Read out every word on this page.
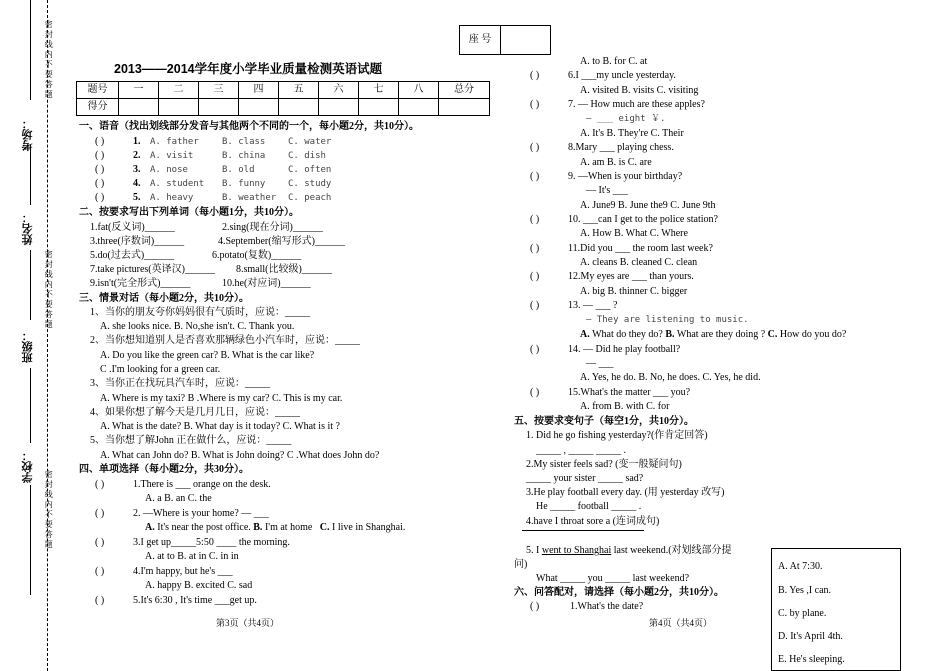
密 封 线 内 不 要 答 题
密 封 线 内 不 要 答 题
密 封 线 内 不 要 答 题
考场：
姓名：
班级：
学校：
座 号
2013——2014学年度小学毕业质量检测英语试题
题号	一	二	三	四	五	六	七	八	总分
得分									
一、语音（找出划线部分发音与其他两个不同的一个，每小题2分，共10分）。
( )	1. A. father	B. class	C. water
( )	2. A. visit	B. china	C. dish
( )	3. A. nose	B. old	C. often
( )	4. A. student B. funny	C. study
( )	5. A. heavy	B. weather C. peach
二、按要求写出下列单词（每小题1分，共10分）。
1.fat(反义词)______	2.sing(现在分词)______
3.three(序数词)______	4.September(缩写形式)______
5.do(过去式)______	6.potato(复数)______
7.take pictures(英译汉)______ 8.small(比较级)______
9.isn't(完全形式)______	10.he(对应词)______
三、情景对话（每小题2分，共10分）。
1、当你的朋友夸你妈妈很有气质时，应说：_____
A. she looks nice. B. No,she isn't. C. Thank you.
2、当你想知道别人是否喜欢那辆绿色小汽车时，应说：_____
A. Do you like the green car? B. What is the car like?
C .I'm looking for a green car.
3、当你正在找玩具汽车时，应说：_____
A. Where is my taxi? B .Where is my car? C. This is my car.
4、如果你想了解今天是几月几日，应说：_____
A. What is the date? B. What day is it today? C. What is it ?
5、当你想了解John 正在做什么，应说：_____
A. What can John do? B. What is John doing? C .What does John do?
四、单项选择（每小题2分，共30分）。
( )	1.There is ___ orange on the desk.
A. a B. an C. the
( )	2. —Where is your home? — ___
A. It's near the post office. B. I'm at home C. I live in Shanghai.
( )	3.I get up_____5:50 ____ the morning.
A. at to B. at in C. in in
( )	4.I'm happy, but he's ___
A. happy B. excited C. sad
( )	5.It's 6:30 , It's time ___get up.
第3页（共4页）
A. to B. for C. at
( )	6.I ___my uncle yesterday.
A. visited B. visits C. visiting
( )	7. — How much are these apples?
— ___ eight ￥.
A. It's B. They're C. Their
( )	8.Mary ___ playing chess.
A. am B. is C. are
( )	9. —When is your birthday?
— It's ___
A. June9 B. June the9 C. June 9th
( )	10. ___can I get to the police station?
A. How B. What C. Where
( )	11.Did you ___ the room last week?
A. cleans B. cleaned C. clean
( )	12.My eyes are ___ than yours.
A. big B. thinner C. bigger
( )	13. — ___ ?
— They are listening to music.
A. What do they do? B. What are they doing ? C. How do you do?
( )	14. — Did he play football?
— ___
A. Yes, he do. B. No, he does. C. Yes, he did.
( )	15.What's the matter ___ you?
A. from B. with C. for
五、按要求变句子（每空1分，共10分）。
1. Did he go fishing yesterday?(作肯定回答)
_____ , _____ _____ .
2.My sister feels sad? (变一般疑问句)
_____ your sister _____ sad?
3.He play football every day. (用 yesterday 改写)
He _____ football _____ .
4.have I throat sore a (连词成句)
5. I went to Shanghai last weekend.(对划线部分提
问)
What _____ you _____ last weekend?
六、问答配对，请选择（每小题2分，共10分）。
( )	1.What's the date?
第4页（共4页）
A. At 7:30.
B. Yes ,I can.
C. by plane.
D. It's April 4th.
E. He's sleeping.
